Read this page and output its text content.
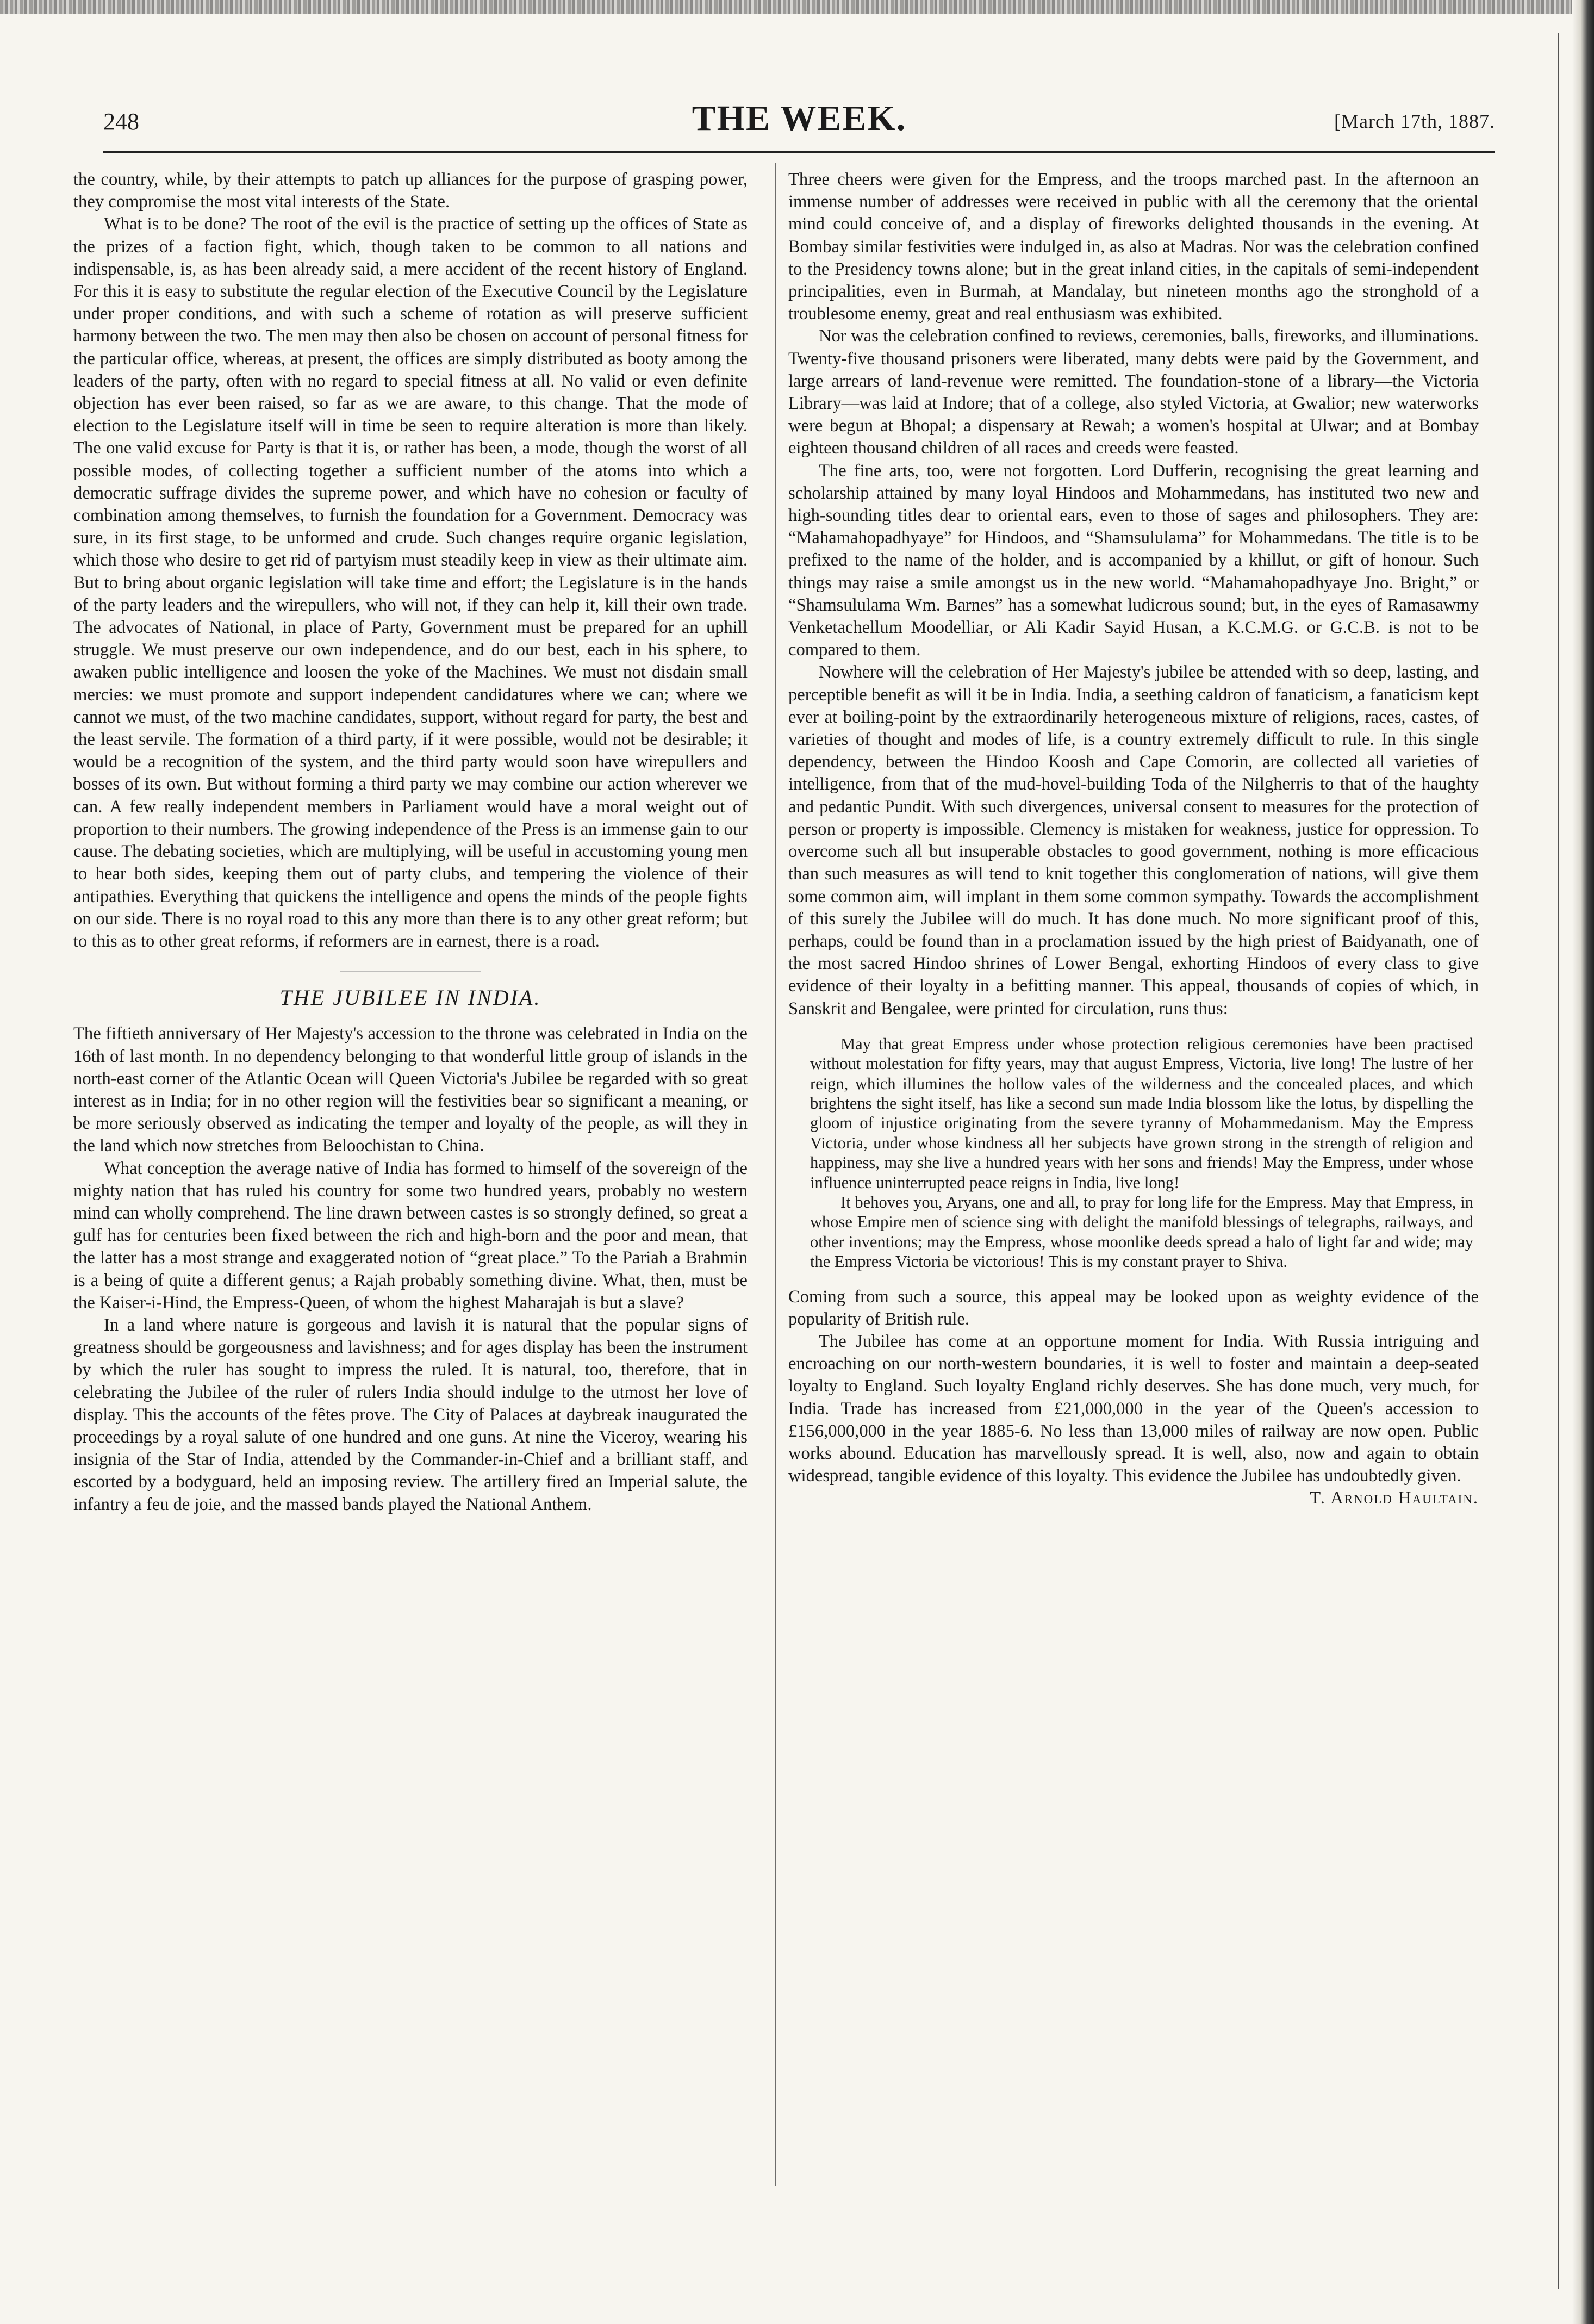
248	THE WEEK.	[March 17th, 1887.

the country, while, by their attempts to patch up alliances for the purpose of grasping power, they compromise the most vital interests of the State.

What is to be done? The root of the evil is the practice of setting up the offices of State as the prizes of a faction fight, which, though taken to be common to all nations and indispensable, is, as has been already said, a mere accident of the recent history of England. For this it is easy to substitute the regular election of the Executive Council by the Legislature under proper conditions, and with such a scheme of rotation as will preserve sufficient harmony between the two. The men may then also be chosen on account of personal fitness for the particular office, whereas, at present, the offices are simply distributed as booty among the leaders of the party, often with no regard to special fitness at all. No valid or even definite objection has ever been raised, so far as we are aware, to this change. That the mode of election to the Legislature itself will in time be seen to require alteration is more than likely. The one valid excuse for Party is that it is, or rather has been, a mode, though the worst of all possible modes, of collecting together a sufficient number of the atoms into which a democratic suffrage divides the supreme power, and which have no cohesion or faculty of combination among themselves, to furnish the foundation for a Government. Democracy was sure, in its first stage, to be unformed and crude. Such changes require organic legislation, which those who desire to get rid of partyism must steadily keep in view as their ultimate aim. But to bring about organic legislation will take time and effort; the Legislature is in the hands of the party leaders and the wirepullers, who will not, if they can help it, kill their own trade. The advocates of National, in place of Party, Government must be prepared for an uphill struggle. We must preserve our own independence, and do our best, each in his sphere, to awaken public intelligence and loosen the yoke of the Machines. We must not disdain small mercies: we must promote and support independent candidatures where we can; where we cannot we must, of the two machine candidates, support, without regard for party, the best and the least servile. The formation of a third party, if it were possible, would not be desirable; it would be a recognition of the system, and the third party would soon have wirepullers and bosses of its own. But without forming a third party we may combine our action wherever we can. A few really independent members in Parliament would have a moral weight out of proportion to their numbers. The growing independence of the Press is an immense gain to our cause. The debating societies, which are multiplying, will be useful in accustoming young men to hear both sides, keeping them out of party clubs, and tempering the violence of their antipathies. Everything that quickens the intelligence and opens the minds of the people fights on our side. There is no royal road to this any more than there is to any other great reform; but to this as to other great reforms, if reformers are in earnest, there is a road.

THE JUBILEE IN INDIA.

The fiftieth anniversary of Her Majesty's accession to the throne was celebrated in India on the 16th of last month. In no dependency belonging to that wonderful little group of islands in the north-east corner of the Atlantic Ocean will Queen Victoria's Jubilee be regarded with so great interest as in India; for in no other region will the festivities bear so significant a meaning, or be more seriously observed as indicating the temper and loyalty of the people, as will they in the land which now stretches from Beloochistan to China.

What conception the average native of India has formed to himself of the sovereign of the mighty nation that has ruled his country for some two hundred years, probably no western mind can wholly comprehend. The line drawn between castes is so strongly defined, so great a gulf has for centuries been fixed between the rich and high-born and the poor and mean, that the latter has a most strange and exaggerated notion of “great place.” To the Pariah a Brahmin is a being of quite a different genus; a Rajah probably something divine. What, then, must be the Kaiser-i-Hind, the Empress-Queen, of whom the highest Maharajah is but a slave?

In a land where nature is gorgeous and lavish it is natural that the popular signs of greatness should be gorgeousness and lavishness; and for ages display has been the instrument by which the ruler has sought to impress the ruled. It is natural, too, therefore, that in celebrating the Jubilee of the ruler of rulers India should indulge to the utmost her love of display. This the accounts of the fêtes prove. The City of Palaces at daybreak inaugurated the proceedings by a royal salute of one hundred and one guns. At nine the Viceroy, wearing his insignia of the Star of India, attended by the Commander-in-Chief and a brilliant staff, and escorted by a bodyguard, held an imposing review. The artillery fired an Imperial salute, the infantry a feu de joie, and the massed bands played the National Anthem.

Three cheers were given for the Empress, and the troops marched past. In the afternoon an immense number of addresses were received in public with all the ceremony that the oriental mind could conceive of, and a display of fireworks delighted thousands in the evening. At Bombay similar festivities were indulged in, as also at Madras. Nor was the celebration confined to the Presidency towns alone; but in the great inland cities, in the capitals of semi-independent principalities, even in Burmah, at Mandalay, but nineteen months ago the stronghold of a troublesome enemy, great and real enthusiasm was exhibited.

Nor was the celebration confined to reviews, ceremonies, balls, fireworks, and illuminations. Twenty-five thousand prisoners were liberated, many debts were paid by the Government, and large arrears of land-revenue were remitted. The foundation-stone of a library—the Victoria Library—was laid at Indore; that of a college, also styled Victoria, at Gwalior; new waterworks were begun at Bhopal; a dispensary at Rewah; a women's hospital at Ulwar; and at Bombay eighteen thousand children of all races and creeds were feasted.

The fine arts, too, were not forgotten. Lord Dufferin, recognising the great learning and scholarship attained by many loyal Hindoos and Mohammedans, has instituted two new and high-sounding titles dear to oriental ears, even to those of sages and philosophers. They are: “Mahamahopadhyaye” for Hindoos, and “Shamsululama” for Mohammedans. The title is to be prefixed to the name of the holder, and is accompanied by a khillut, or gift of honour. Such things may raise a smile amongst us in the new world. “Mahamahopadhyaye Jno. Bright,” or “Shamsululama Wm. Barnes” has a somewhat ludicrous sound; but, in the eyes of Ramasawmy Venketachellum Moodelliar, or Ali Kadir Sayid Husan, a K.C.M.G. or G.C.B. is not to be compared to them.

Nowhere will the celebration of Her Majesty's jubilee be attended with so deep, lasting, and perceptible benefit as will it be in India. India, a seething caldron of fanaticism, a fanaticism kept ever at boiling-point by the extraordinarily heterogeneous mixture of religions, races, castes, of varieties of thought and modes of life, is a country extremely difficult to rule. In this single dependency, between the Hindoo Koosh and Cape Comorin, are collected all varieties of intelligence, from that of the mud-hovel-building Toda of the Nilgherris to that of the haughty and pedantic Pundit. With such divergences, universal consent to measures for the protection of person or property is impossible. Clemency is mistaken for weakness, justice for oppression. To overcome such all but insuperable obstacles to good government, nothing is more efficacious than such measures as will tend to knit together this conglomeration of nations, will give them some common aim, will implant in them some common sympathy. Towards the accomplishment of this surely the Jubilee will do much. It has done much. No more significant proof of this, perhaps, could be found than in a proclamation issued by the high priest of Baidyanath, one of the most sacred Hindoo shrines of Lower Bengal, exhorting Hindoos of every class to give evidence of their loyalty in a befitting manner. This appeal, thousands of copies of which, in Sanskrit and Bengalee, were printed for circulation, runs thus:

May that great Empress under whose protection religious ceremonies have been practised without molestation for fifty years, may that august Empress, Victoria, live long! The lustre of her reign, which illumines the hollow vales of the wilderness and the concealed places, and which brightens the sight itself, has like a second sun made India blossom like the lotus, by dispelling the gloom of injustice originating from the severe tyranny of Mohammedanism. May the Empress Victoria, under whose kindness all her subjects have grown strong in the strength of religion and happiness, may she live a hundred years with her sons and friends! May the Empress, under whose influence uninterrupted peace reigns in India, live long!

It behoves you, Aryans, one and all, to pray for long life for the Empress. May that Empress, in whose Empire men of science sing with delight the manifold blessings of telegraphs, railways, and other inventions; may the Empress, whose moonlike deeds spread a halo of light far and wide; may the Empress Victoria be victorious! This is my constant prayer to Shiva.

Coming from such a source, this appeal may be looked upon as weighty evidence of the popularity of British rule.

The Jubilee has come at an opportune moment for India. With Russia intriguing and encroaching on our north-western boundaries, it is well to foster and maintain a deep-seated loyalty to England. Such loyalty England richly deserves. She has done much, very much, for India. Trade has increased from £21,000,000 in the year of the Queen's accession to £156,000,000 in the year 1885-6. No less than 13,000 miles of railway are now open. Public works abound. Education has marvellously spread. It is well, also, now and again to obtain widespread, tangible evidence of this loyalty. This evidence the Jubilee has undoubtedly given.

T. Arnold Haultain.
